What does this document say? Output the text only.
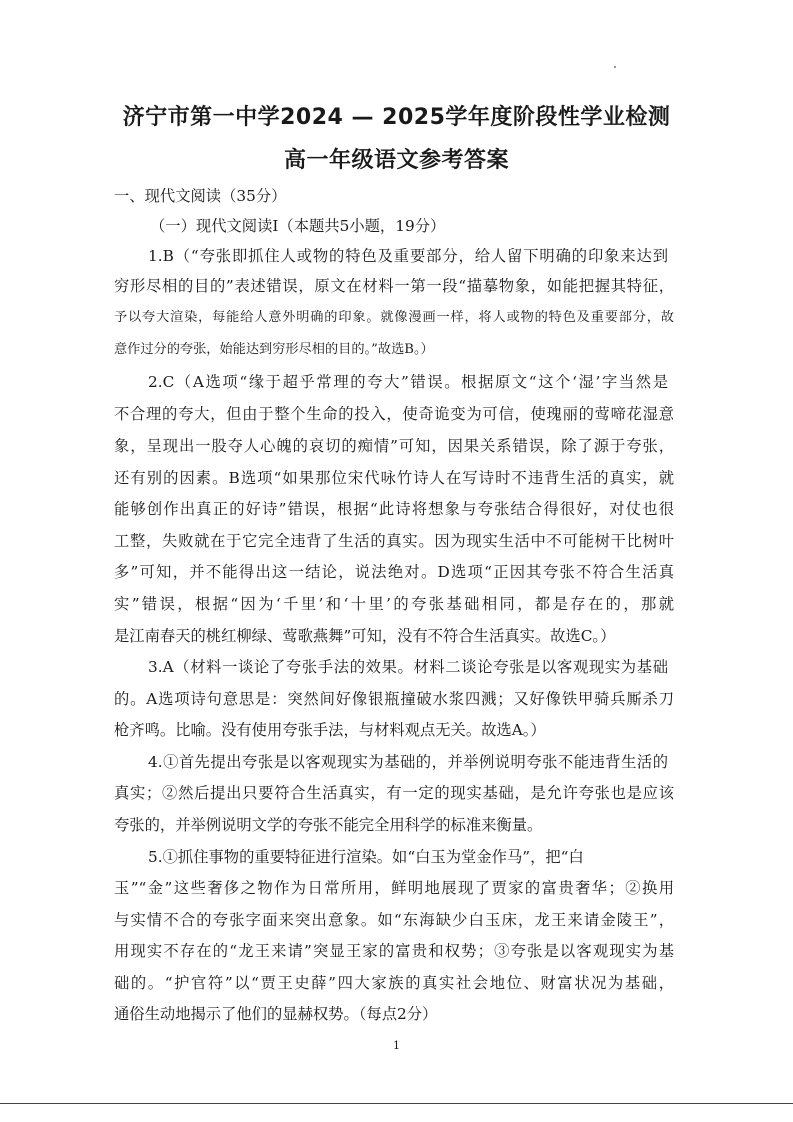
济宁市第一中学2024 — 2025学年度阶段性学业检测
高一年级语文参考答案
一、现代文阅读（35分）
（一）现代文阅读Ⅰ（本题共5小题，19分）
1.B（“夸张即抓住人或物的特色及重要部分，给人留下明确的印象来达到
穷形尽相的目的”表述错误，原文在材料一第一段“描摹物象，如能把握其特征，
予以夸大渲染，每能给人意外明确的印象。就像漫画一样，将人或物的特色及重要部分，故
意作过分的夸张，始能达到穷形尽相的目的。”故选B。）
2.C（A选项“缘于超乎常理的夸大”错误。根据原文“这个‘湿’字当然是
不合理的夸大，但由于整个生命的投入，使奇诡变为可信，使瑰丽的莺啼花湿意
象，呈现出一股夺人心魄的哀切的痴情”可知，因果关系错误，除了源于夸张，
还有别的因素。B选项“如果那位宋代咏竹诗人在写诗时不违背生活的真实，就
能够创作出真正的好诗”错误，根据“此诗将想象与夸张结合得很好，对仗也很
工整，失败就在于它完全违背了生活的真实。因为现实生活中不可能树干比树叶
多”可知，并不能得出这一结论，说法绝对。D选项“正因其夸张不符合生活真
实”错误，根据“因为‘千里’和‘十里’的夸张基础相同，都是存在的，那就
是江南春天的桃红柳绿、莺歌燕舞”可知，没有不符合生活真实。故选C。）
3.A（材料一谈论了夸张手法的效果。材料二谈论夸张是以客观现实为基础
的。A选项诗句意思是：突然间好像银瓶撞破水浆四溅；又好像铁甲骑兵厮杀刀
枪齐鸣。比喻。没有使用夸张手法，与材料观点无关。故选A。）
4.①首先提出夸张是以客观现实为基础的，并举例说明夸张不能违背生活的
真实；②然后提出只要符合生活真实，有一定的现实基础，是允许夸张也是应该
夸张的，并举例说明文学的夸张不能完全用科学的标准来衡量。
5.①抓住事物的重要特征进行渲染。如“白玉为堂金作马”，把“白
玉”“金”这些奢侈之物作为日常所用，鲜明地展现了贾家的富贵奢华；②换用
与实情不合的夸张字面来突出意象。如“东海缺少白玉床，龙王来请金陵王”，
用现实不存在的“龙王来请”突显王家的富贵和权势；③夸张是以客观现实为基
础的。“护官符”以“贾王史薛”四大家族的真实社会地位、财富状况为基础，
通俗生动地揭示了他们的显赫权势。（每点2分）
1
